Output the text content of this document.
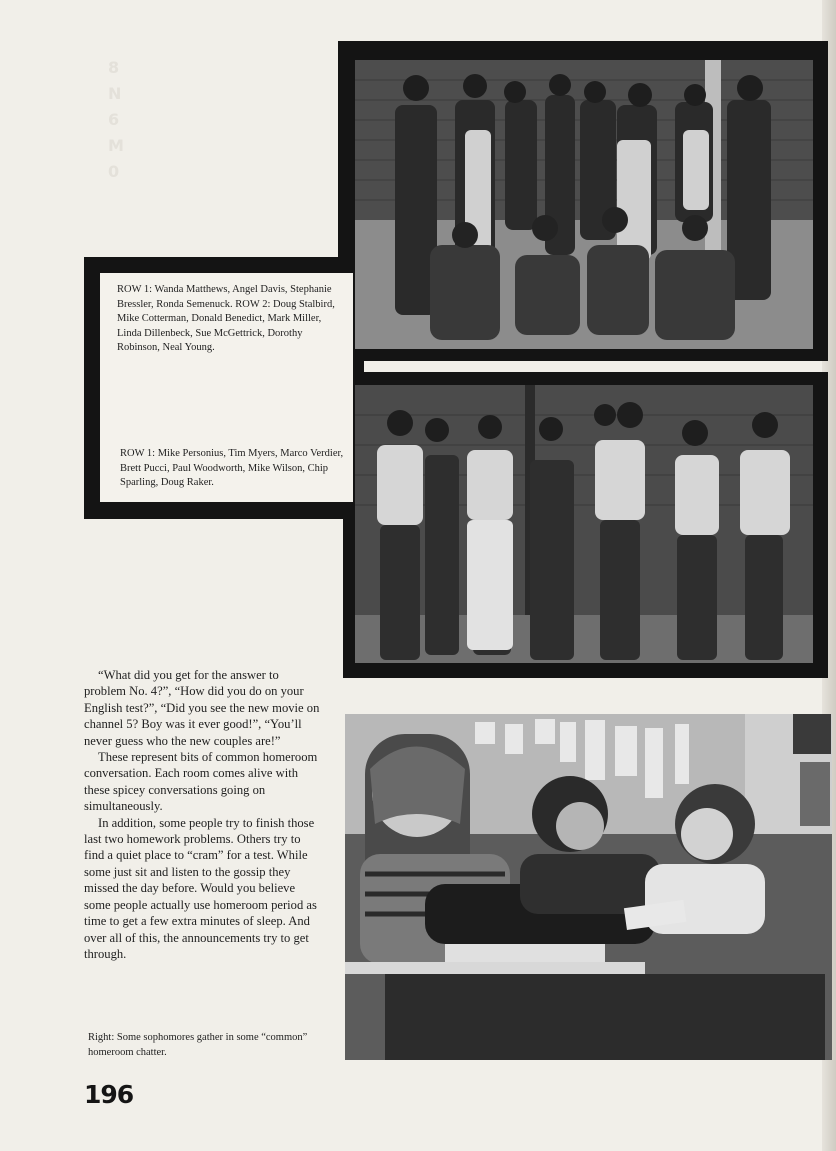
8
N
6
M
0
ROW 1: Wanda Matthews, Angel Davis, Stephanie Bressler, Ronda Semenuck. ROW 2: Doug Stalbird, Mike Cotterman, Donald Benedict, Mark Miller, Linda Dillenbeck, Sue McGettrick, Dorothy Robinson, Neal Young.
ROW 1: Mike Personius, Tim Myers, Marco Verdier, Brett Pucci, Paul Woodworth, Mike Wilson, Chip Sparling, Doug Raker.

“What did you get for the answer to problem No. 4?”, “How did you do on your English test?”, “Did you see the new movie on channel 5? Boy was it ever good!”, “You’ll never guess who the new couples are!”

These represent bits of common homeroom conversation. Each room comes alive with these spicey conversations going on simultaneously.

In addition, some people try to finish those last two homework problems. Others try to find a quiet place to “cram” for a test. While some just sit and listen to the gossip they missed the day before. Would you believe some people actually use homeroom period as time to get a few extra minutes of sleep. And over all of this, the announcements try to get through.

Right: Some sophomores gather in some “common” homeroom chatter.
196
